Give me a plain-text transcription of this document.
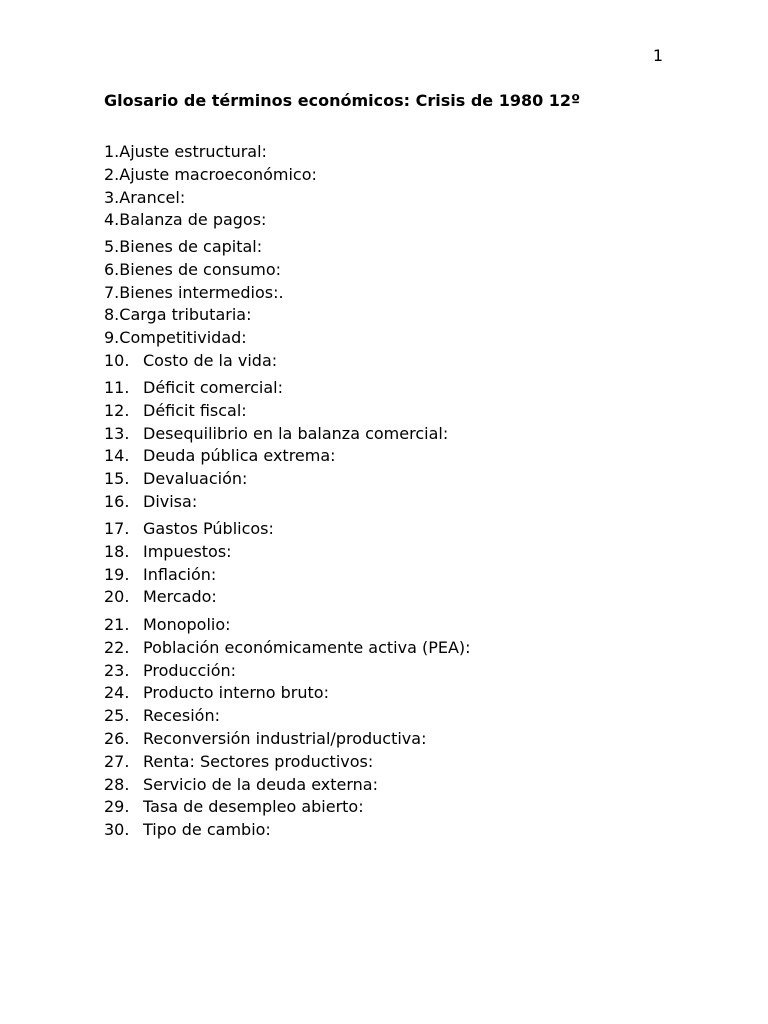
1
Glosario de términos económicos: Crisis de 1980 12º
1.Ajuste estructural:
2.Ajuste macroeconómico:
3.Arancel:
4.Balanza de pagos:
5.Bienes de capital:
6.Bienes de consumo:
7.Bienes intermedios:.
8.Carga tributaria:
9.Competitividad:
10. Costo de la vida:
11. Déficit comercial:
12. Déficit fiscal:
13. Desequilibrio en la balanza comercial:
14. Deuda pública extrema:
15. Devaluación:
16. Divisa:
17. Gastos Públicos:
18. Impuestos:
19. Inflación:
20. Mercado:
21. Monopolio:
22. Población económicamente activa (PEA):
23. Producción:
24. Producto interno bruto:
25. Recesión:
26. Reconversión industrial/productiva:
27. Renta: Sectores productivos:
28. Servicio de la deuda externa:
29. Tasa de desempleo abierto:
30. Tipo de cambio:
